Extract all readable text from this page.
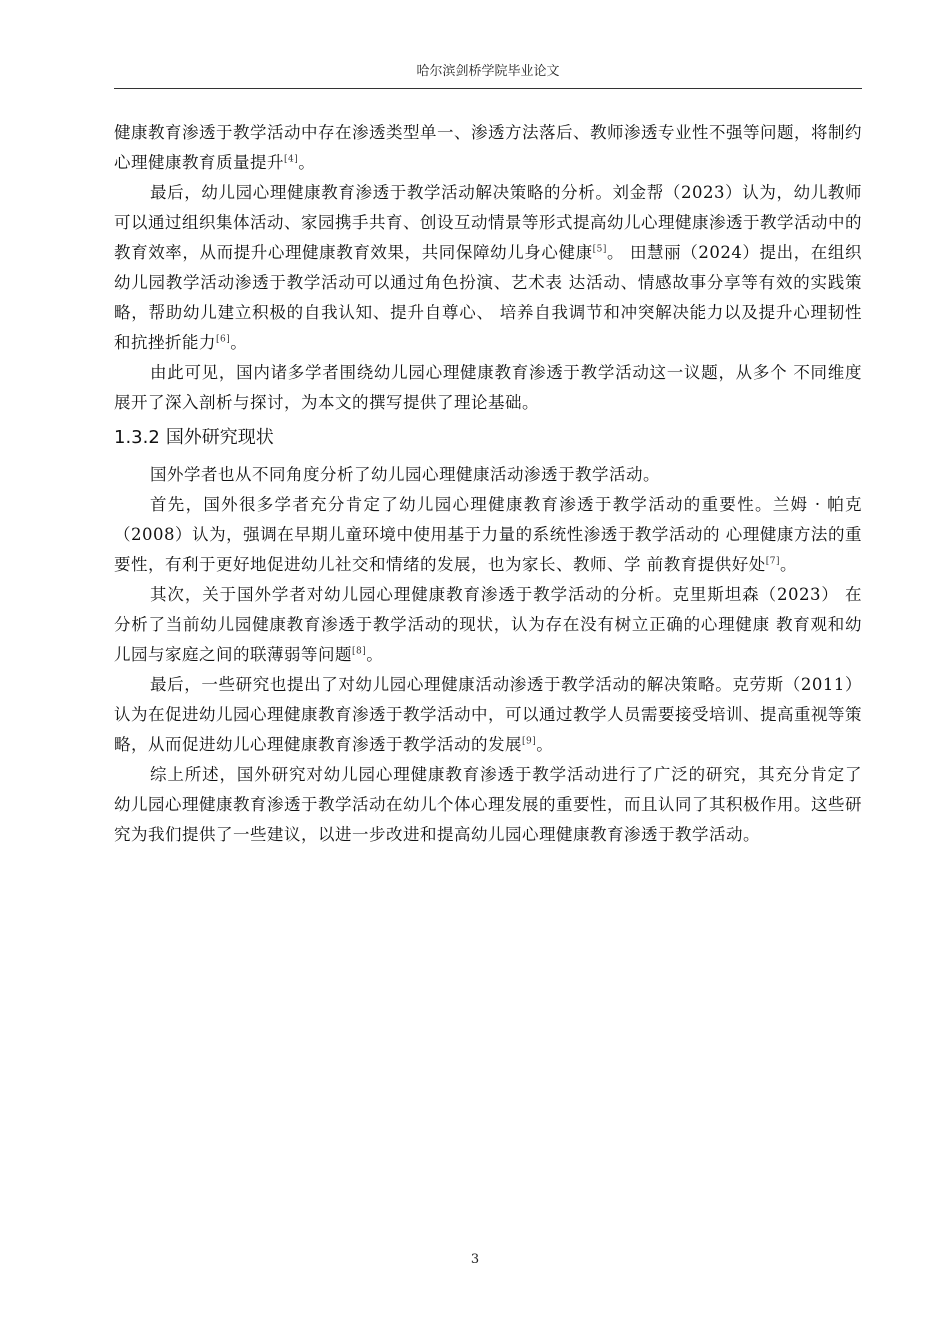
哈尔滨剑桥学院毕业论文

健康教育渗透于教学活动中存在渗透类型单一、渗透方法落后、教师渗透专业性不强等问题，将制约心理健康教育质量提升[4]。

最后，幼儿园心理健康教育渗透于教学活动解决策略的分析。刘金帮（2023）认为，幼儿教师可以通过组织集体活动、家园携手共育、创设互动情景等形式提高幼儿心理健康渗透于教学活动中的教育效率，从而提升心理健康教育效果，共同保障幼儿身心健康[5]。 田慧丽（2024）提出，在组织幼儿园教学活动渗透于教学活动可以通过角色扮演、艺术表 达活动、情感故事分享等有效的实践策略，帮助幼儿建立积极的自我认知、提升自尊心、 培养自我调节和冲突解决能力以及提升心理韧性和抗挫折能力[6]。

由此可见，国内诸多学者围绕幼儿园心理健康教育渗透于教学活动这一议题，从多个 不同维度展开了深入剖析与探讨，为本文的撰写提供了理论基础。

1.3.2 国外研究现状

国外学者也从不同角度分析了幼儿园心理健康活动渗透于教学活动。

首先，国外很多学者充分肯定了幼儿园心理健康教育渗透于教学活动的重要性。兰姆 · 帕克（2008）认为，强调在早期儿童环境中使用基于力量的系统性渗透于教学活动的 心理健康方法的重要性，有利于更好地促进幼儿社交和情绪的发展，也为家长、教师、学 前教育提供好处[7]。

其次，关于国外学者对幼儿园心理健康教育渗透于教学活动的分析。克里斯坦森（2023） 在分析了当前幼儿园健康教育渗透于教学活动的现状，认为存在没有树立正确的心理健康 教育观和幼儿园与家庭之间的联薄弱等问题[8]。

最后，一些研究也提出了对幼儿园心理健康活动渗透于教学活动的解决策略。克劳斯（2011）认为在促进幼儿园心理健康教育渗透于教学活动中，可以通过教学人员需要接受培训、提高重视等策略，从而促进幼儿心理健康教育渗透于教学活动的发展[9]。

综上所述，国外研究对幼儿园心理健康教育渗透于教学活动进行了广泛的研究，其充分肯定了幼儿园心理健康教育渗透于教学活动在幼儿个体心理发展的重要性，而且认同了其积极作用。这些研究为我们提供了一些建议，以进一步改进和提高幼儿园心理健康教育渗透于教学活动。

3
